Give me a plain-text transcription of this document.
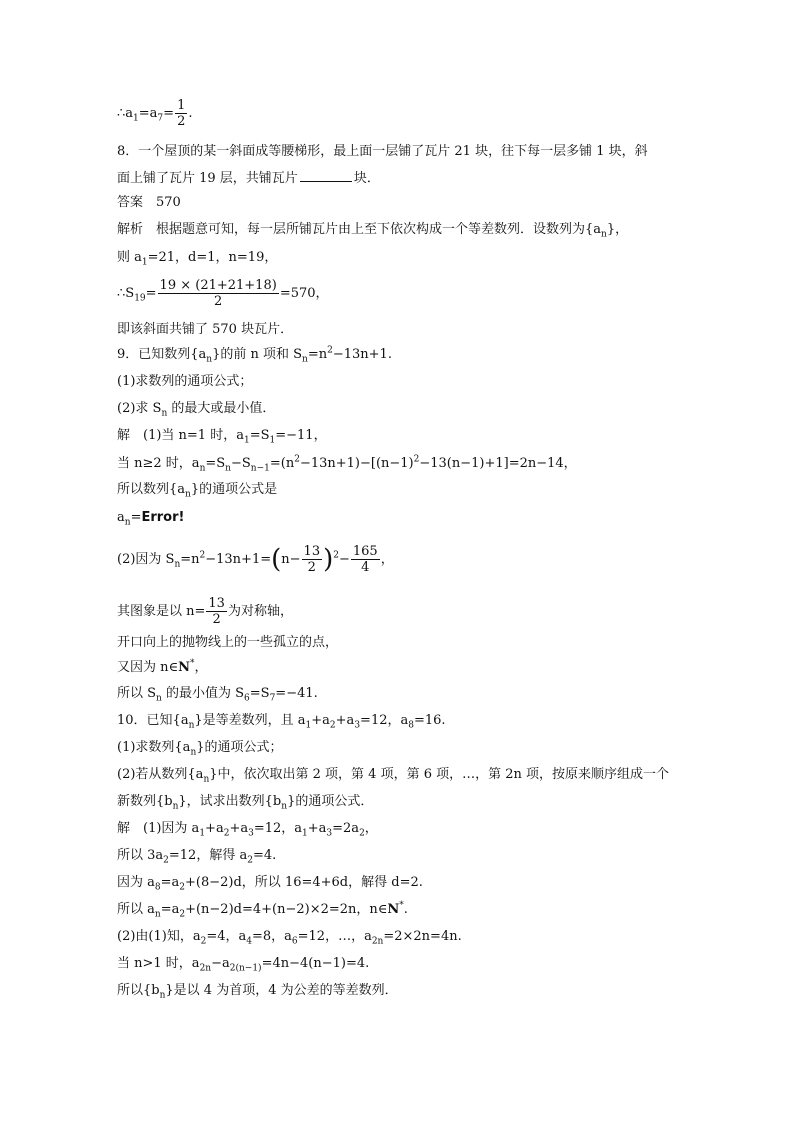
$\therefore a_1=a_7= \frac{1}{2}$ .
8．一个屋顶的某一斜面成等腰梯形，最上面一层铺了瓦片 21 块，往下每一层多铺 1 块，斜
面上铺了瓦片 19 层，共铺瓦片	块．
答案　570
解析　根据题意可知，每一层所铺瓦片由上至下依次构成一个等差数列．设数列为$\{a_n\}$，
则 $a_1=21$，d=1，n=19，
$\therefore S_{19}= \frac{19 \times (21+21+18)}{2} =570$，
即该斜面共铺了 570 块瓦片．
9．已知数列$\{a_n\}$的前 n 项和 $S_n=n^2-13n+1$.
(1)求数列的通项公式；
(2)求 $S_n$ 的最大或最小值．
解　(1)当 n=1 时，$a_1=S_1=-11$，
当 n≥2 时，$a_n=S_n-S_{n-1}=(n^2-13n+1)-[(n-1)^2-13(n-1)+1]=2n-14$，
所以数列$\{a_n\}$的通项公式是
$a_n=Error$!
(2)因为 $S_n=n^2-13n+1=(n- \frac{13}{2} )^2- \frac{165}{4}$ ，
其图象是以 $n= \frac{13}{2}$ 为对称轴，
开口向上的抛物线上的一些孤立的点，
又因为 n∈N*，
所以 $S_n$ 的最小值为 $S_6=S_7=-41$.
10．已知$\{a_n\}$是等差数列，且 $a_1+a_2+a_3=12$，$a_8=16$.
(1)求数列$\{a_n\}$的通项公式；
(2)若从数列$\{a_n\}$中，依次取出第 2 项，第 4 项，第 6 项，…，第 2n 项，按原来顺序组成一个
新数列$\{b_n\}$，试求出数列$\{b_n\}$的通项公式．
解　(1)因为 $a_1+a_2+a_3=12$，$a_1+a_3=2a_2$，
所以 $3a_2=12$，解得 $a_2=4$.
因为 $a_8=a_2+(8-2)d$，所以 16=4+6d，解得 d=2.
所以 $a_n=a_2+(n-2)d=4+(n-2)\times 2=2n$，n∈N*.
(2)由(1)知，$a_2=4$，$a_4=8$，$a_6=12$，…，$a_{2n}=2\times 2n=4n$.
当 n>1 时，$a_{2n}-a_{2(n-1)}=4n-4(n-1)=4$.
所以$\{b_n\}$是以 4 为首项，4 为公差的等差数列．
